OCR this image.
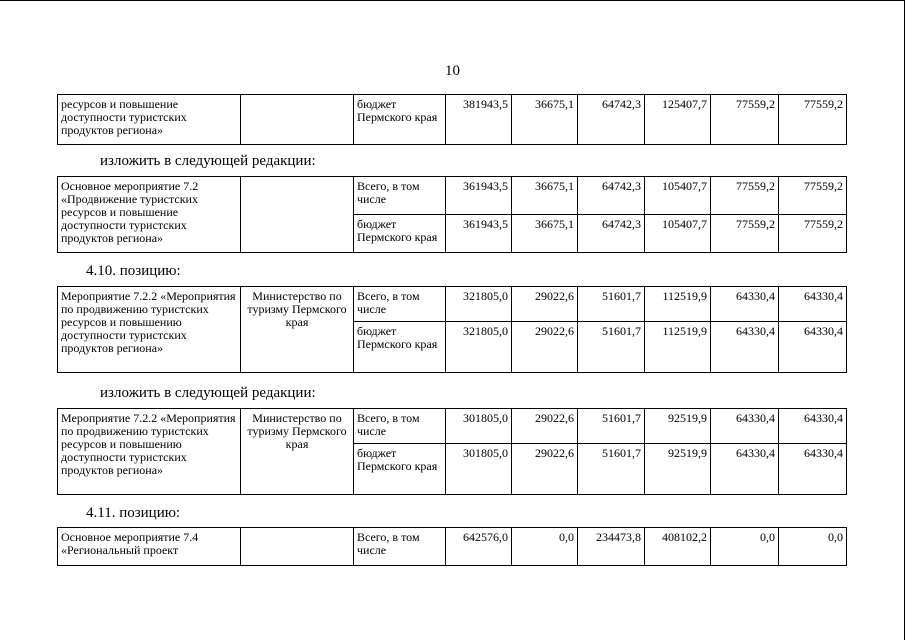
10
ресурсов и повышение доступности туристских продуктов региона»		бюджет Пермского края	381943,5	36675,1	64742,3	125407,7	77559,2	77559,2
Основное мероприятие 7.2 «Продвижение туристских ресурсов и повышение доступности туристских продуктов региона»		Всего, в том числе	361943,5	36675,1	64742,3	105407,7	77559,2	77559,2
		бюджет Пермского края	361943,5	36675,1	64742,3	105407,7	77559,2	77559,2
Мероприятие 7.2.2 «Мероприятия по продвижению туристских ресурсов и повышению доступности туристских продуктов региона»	Министерство по туризму Пермского края	Всего, в том числе	321805,0	29022,6	51601,7	112519,9	64330,4	64330,4
		бюджет Пермского края	321805,0	29022,6	51601,7	112519,9	64330,4	64330,4
Мероприятие 7.2.2 «Мероприятия по продвижению туристских ресурсов и повышению доступности туристских продуктов региона»	Министерство по туризму Пермского края	Всего, в том числе	301805,0	29022,6	51601,7	92519,9	64330,4	64330,4
		бюджет Пермского края	301805,0	29022,6	51601,7	92519,9	64330,4	64330,4
Основное мероприятие 7.4 «Региональный проект		Всего, в том числе	642576,0	0,0	234473,8	408102,2	0,0	0,0
изложить в следующей редакции:
4.10. позицию:
изложить в следующей редакции:
4.11. позицию:
